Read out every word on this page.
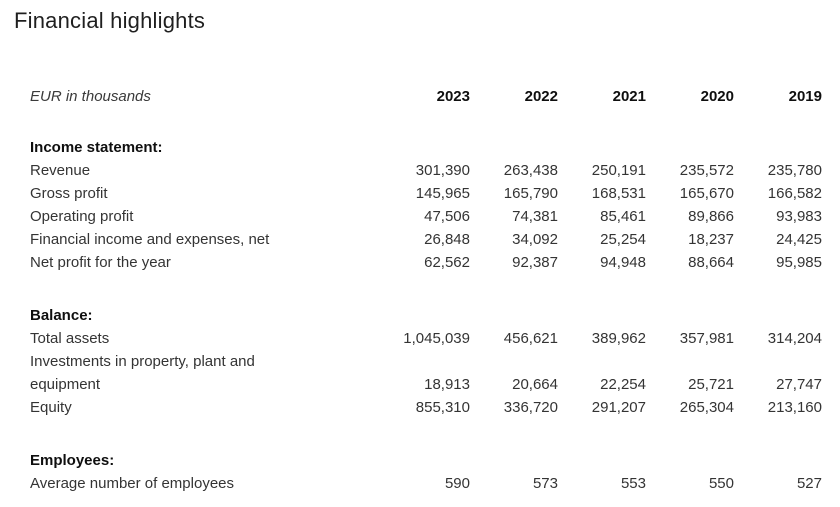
Financial highlights
EUR in thousands	2023	2022	2021	2020	2019

Income statement:					
Revenue	301,390	263,438	250,191	235,572	235,780
Gross profit	145,965	165,790	168,531	165,670	166,582
Operating profit	47,506	74,381	85,461	89,866	93,983
Financial income and expenses, net	26,848	34,092	25,254	18,237	24,425
Net profit for the year	62,562	92,387	94,948	88,664	95,985

Balance:					
Total assets	1,045,039	456,621	389,962	357,981	314,204
Investments in property, plant and equipment	18,913	20,664	22,254	25,721	27,747
Equity	855,310	336,720	291,207	265,304	213,160

Employees:					
Average number of employees	590	573	553	550	527
